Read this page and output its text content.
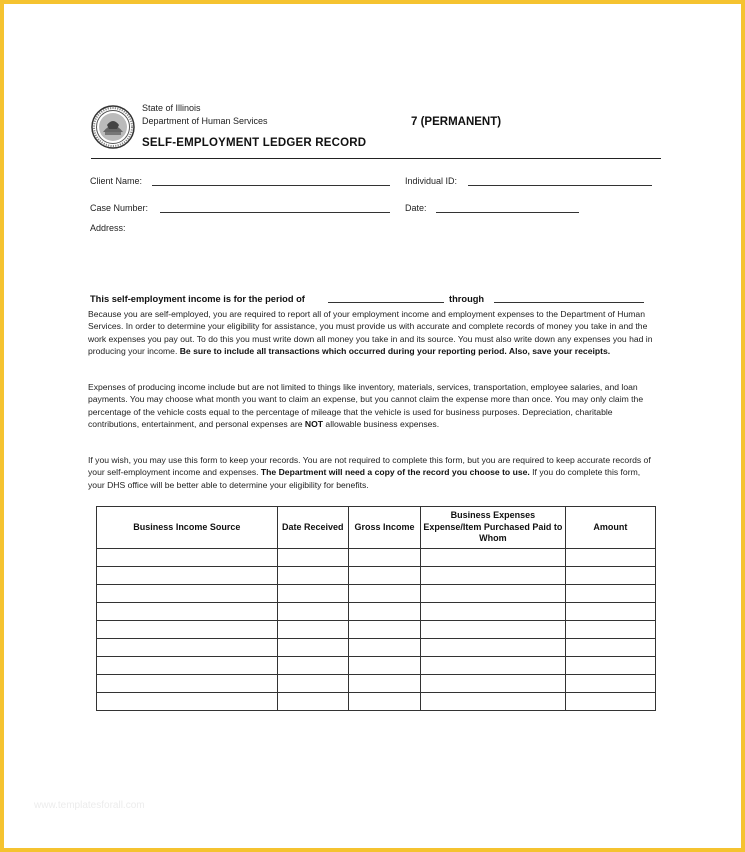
State of Illinois
Department of Human Services	7 (PERMANENT)
SELF-EMPLOYMENT LEDGER RECORD
Client Name:	Individual ID:
Case Number:	Date:
Address:
This self-employment income is for the period of	through
Because you are self-employed, you are required to report all of your employment income and employment expenses to the Department of Human Services. In order to determine your eligibility for assistance, you must provide us with accurate and complete records of money you take in and the work expenses you pay out. To do this you must write down all money you take in and its source. You must also write down any expenses you had in producing your income. Be sure to include all transactions which occurred during your reporting period. Also, save your receipts.
Expenses of producing income include but are not limited to things like inventory, materials, services, transportation, employee salaries, and loan payments. You may choose what month you want to claim an expense, but you cannot claim the expense more than once. You may only claim the percentage of the vehicle costs equal to the percentage of mileage that the vehicle is used for business purposes. Depreciation, charitable contributions, entertainment, and personal expenses are NOT allowable business expenses.
If you wish, you may use this form to keep your records. You are not required to complete this form, but you are required to keep accurate records of your self-employment income and expenses. The Department will need a copy of the record you choose to use. If you do complete this form, your DHS office will be better able to determine your eligibility for benefits.
Business Income Source	Date Received	Gross Income	Business Expenses Expense/Item Purchased Paid to Whom	Amount

www.templatesforall.com
